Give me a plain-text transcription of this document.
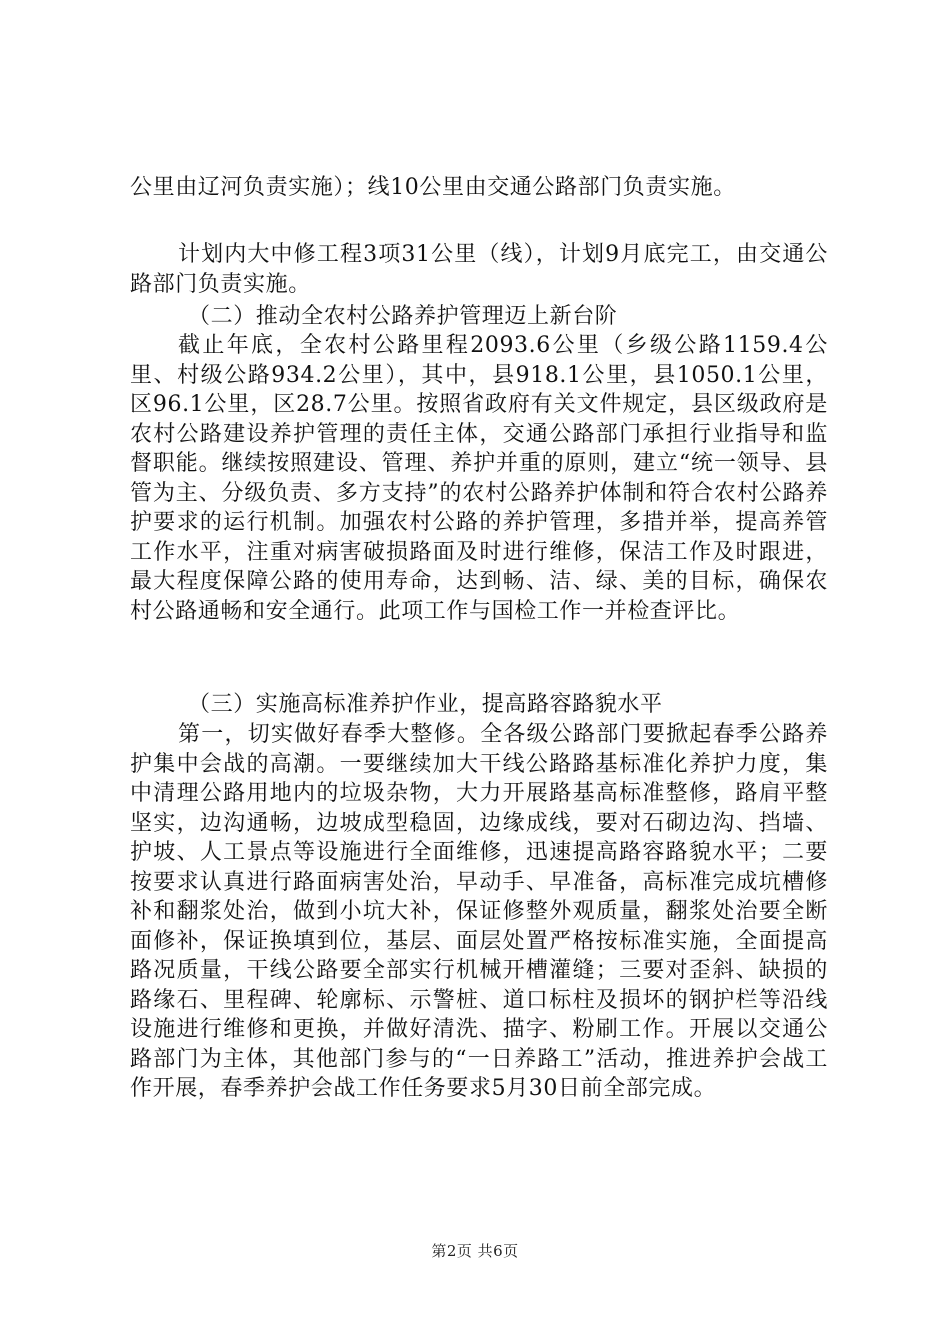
公里由辽河负责实施）；线10公里由交通公路部门负责实施。

计划内大中修工程3项31公里（线），计划9月底完工，由交通公路部门负责实施。

（二）推动全农村公路养护管理迈上新台阶

截止年底，全农村公路里程2093.6公里（乡级公路1159.4公里、村级公路934.2公里），其中，县918.1公里，县1050.1公里，区96.1公里，区28.7公里。按照省政府有关文件规定，县区级政府是农村公路建设养护管理的责任主体，交通公路部门承担行业指导和监督职能。继续按照建设、管理、养护并重的原则，建立“统一领导、县管为主、分级负责、多方支持”的农村公路养护体制和符合农村公路养护要求的运行机制。加强农村公路的养护管理，多措并举，提高养管工作水平，注重对病害破损路面及时进行维修，保洁工作及时跟进，最大程度保障公路的使用寿命，达到畅、洁、绿、美的目标，确保农村公路通畅和安全通行。此项工作与国检工作一并检查评比。

（三）实施高标准养护作业，提高路容路貌水平

第一，切实做好春季大整修。全各级公路部门要掀起春季公路养护集中会战的高潮。一要继续加大干线公路路基标准化养护力度，集中清理公路用地内的垃圾杂物，大力开展路基高标准整修，路肩平整坚实，边沟通畅，边坡成型稳固，边缘成线，要对石砌边沟、挡墙、护坡、人工景点等设施进行全面维修，迅速提高路容路貌水平；二要按要求认真进行路面病害处治，早动手、早准备，高标准完成坑槽修补和翻浆处治，做到小坑大补，保证修整外观质量，翻浆处治要全断面修补，保证换填到位，基层、面层处置严格按标准实施，全面提高路况质量，干线公路要全部实行机械开槽灌缝；三要对歪斜、缺损的路缘石、里程碑、轮廓标、示警桩、道口标柱及损坏的钢护栏等沿线设施进行维修和更换，并做好清洗、描字、粉刷工作。开展以交通公路部门为主体，其他部门参与的“一日养路工”活动，推进养护会战工作开展，春季养护会战工作任务要求5月30日前全部完成。

第2页 共6页
